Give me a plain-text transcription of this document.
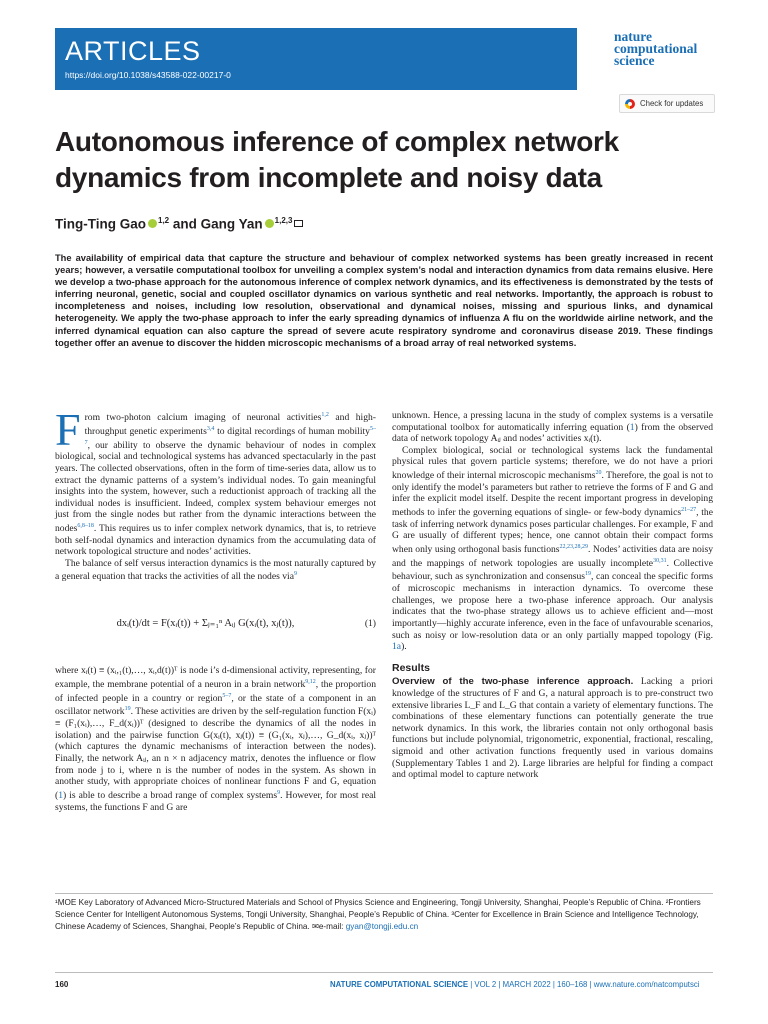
ARTICLES
https://doi.org/10.1038/s43588-022-00217-0
nature
computational
science
Check for updates
Autonomous inference of complex network dynamics from incomplete and noisy data
Ting-Ting Gao $^{1,2}$ and Gang Yan $^{1,2,3}$
The availability of empirical data that capture the structure and behaviour of complex networked systems has been greatly increased in recent years; however, a versatile computational toolbox for unveiling a complex system’s nodal and interaction dynamics from data remains elusive. Here we develop a two-phase approach for the autonomous inference of complex network dynamics, and its effectiveness is demonstrated by the tests of inferring neuronal, genetic, social and coupled oscillator dynamics on various synthetic and real networks. Importantly, the approach is robust to incompleteness and noises, including low resolution, observational and dynamical noises, missing and spurious links, and dynamical heterogeneity. We apply the two-phase approach to infer the early spreading dynamics of influenza A flu on the worldwide airline network, and the inferred dynamical equation can also capture the spread of severe acute respiratory syndrome and coronavirus disease 2019. These findings together offer an avenue to discover the hidden microscopic mechanisms of a broad array of real networked systems.

From two-photon calcium imaging of neuronal activities$^{1,2}$ and high-throughput genetic experiments$^{3,4}$ to digital recordings of human mobility$^{5-7}$, our ability to observe the dynamic behaviour of nodes in complex biological, social and technological systems has advanced spectacularly in the past years. The collected observations, often in the form of time-series data, allow us to extract the dynamic patterns of a system’s individual nodes. To gain meaningful insights into the system, however, such a reductionist approach of tracking all the individual nodes is insufficient. Indeed, complex system behaviour emerges not just from the single nodes but rather from the dynamic interactions between the nodes$^{6,8-18}$. This requires us to infer complex network dynamics, that is, to retrieve both self-nodal dynamics and interaction dynamics from the accumulating data of network topological structure and nodes’ activities.

The balance of self versus interaction dynamics is the most naturally captured by a general equation that tracks the activities of all the nodes via$^9$

dxᵢ(t)/dt = F(xᵢ(t)) + Σⱼ₌₁ⁿ Aᵢⱼ G(xᵢ(t), xⱼ(t)),	(1)

where xᵢ(t) ≡ (xᵢ,₁(t),…, xᵢ,d(t))ᵀ is node i’s d-dimensional activity, representing, for example, the membrane potential of a neuron in a brain network$^{9,12}$, the proportion of infected people in a country or region$^{5-7}$, or the state of a component in an oscillator network$^{19}$. These activities are driven by the self-regulation function F(xᵢ) ≡ (F₁(xᵢ),…, F_d(xᵢ))ᵀ (designed to describe the dynamics of all the nodes in isolation) and the pairwise function G(xᵢ(t), xⱼ(t)) ≡ (G₁(xᵢ, xⱼ),…, G_d(xᵢ, xⱼ))ᵀ (which captures the dynamic mechanisms of interaction between the nodes). Finally, the network Aᵢⱼ, an n × n adjacency matrix, denotes the influence or flow from node j to i, where n is the number of nodes in the system. As shown in another study, with appropriate choices of nonlinear functions F and G, equation (1) is able to describe a broad range of complex systems$^9$. However, for most real systems, the functions F and G are

unknown. Hence, a pressing lacuna in the study of complex systems is a versatile computational toolbox for automatically inferring equation (1) from the observed data of network topology Aᵢⱼ and nodes’ activities xᵢ(t).

Complex biological, social or technological systems lack the fundamental physical rules that govern particle systems; therefore, we do not have a priori knowledge of their internal microscopic mechanisms$^{20}$. Therefore, the goal is not to only identify the model’s parameters but rather to retrieve the forms of F and G and infer the explicit model itself. Despite the recent important progress in developing methods to infer the governing equations of single- or few-body dynamics$^{21-27}$, the task of inferring network dynamics poses particular challenges. For example, F and G are usually of different types; hence, one cannot obtain their compact forms when only using orthogonal basis functions$^{22,23,28,29}$. Nodes’ activities data are noisy and the mappings of network topologies are usually incomplete$^{30,31}$. Collective behaviour, such as synchronization and consensus$^{19}$, can conceal the specific forms of microscopic mechanisms in interaction dynamics. To overcome these challenges, we propose here a two-phase inference approach. Our analysis indicates that the two-phase strategy allows us to achieve efficient and—most importantly—highly accurate inference, even in the face of unfavourable scenarios, such as noisy or low-resolution data or an only partially mapped topology (Fig. 1a).

Results

Overview of the two-phase inference approach. Lacking a priori knowledge of the structures of F and G, a natural approach is to pre-construct two extensive libraries L_F and L_G that contain a variety of elementary functions. The combinations of these elementary functions can potentially generate the true network dynamics. In this work, the libraries contain not only orthogonal basis functions but include polynomial, trigonometric, exponential, fractional, rescaling, sigmoid and other activation functions frequently used in various domains (Supplementary Tables 1 and 2). Large libraries are helpful for finding a compact and optimal model to capture network

¹MOE Key Laboratory of Advanced Micro-Structured Materials and School of Physics Science and Engineering, Tongji University, Shanghai, People’s Republic of China. ²Frontiers Science Center for Intelligent Autonomous Systems, Tongji University, Shanghai, People’s Republic of China. ³Center for Excellence in Brain Science and Intelligence Technology, Chinese Academy of Sciences, Shanghai, People’s Republic of China. ✉e-mail: gyan@tongji.edu.cn
160	NATURE COMPUTATIONAL SCIENCE | VOL 2 | MARCH 2022 | 160–168 | www.nature.com/natcomputsci
